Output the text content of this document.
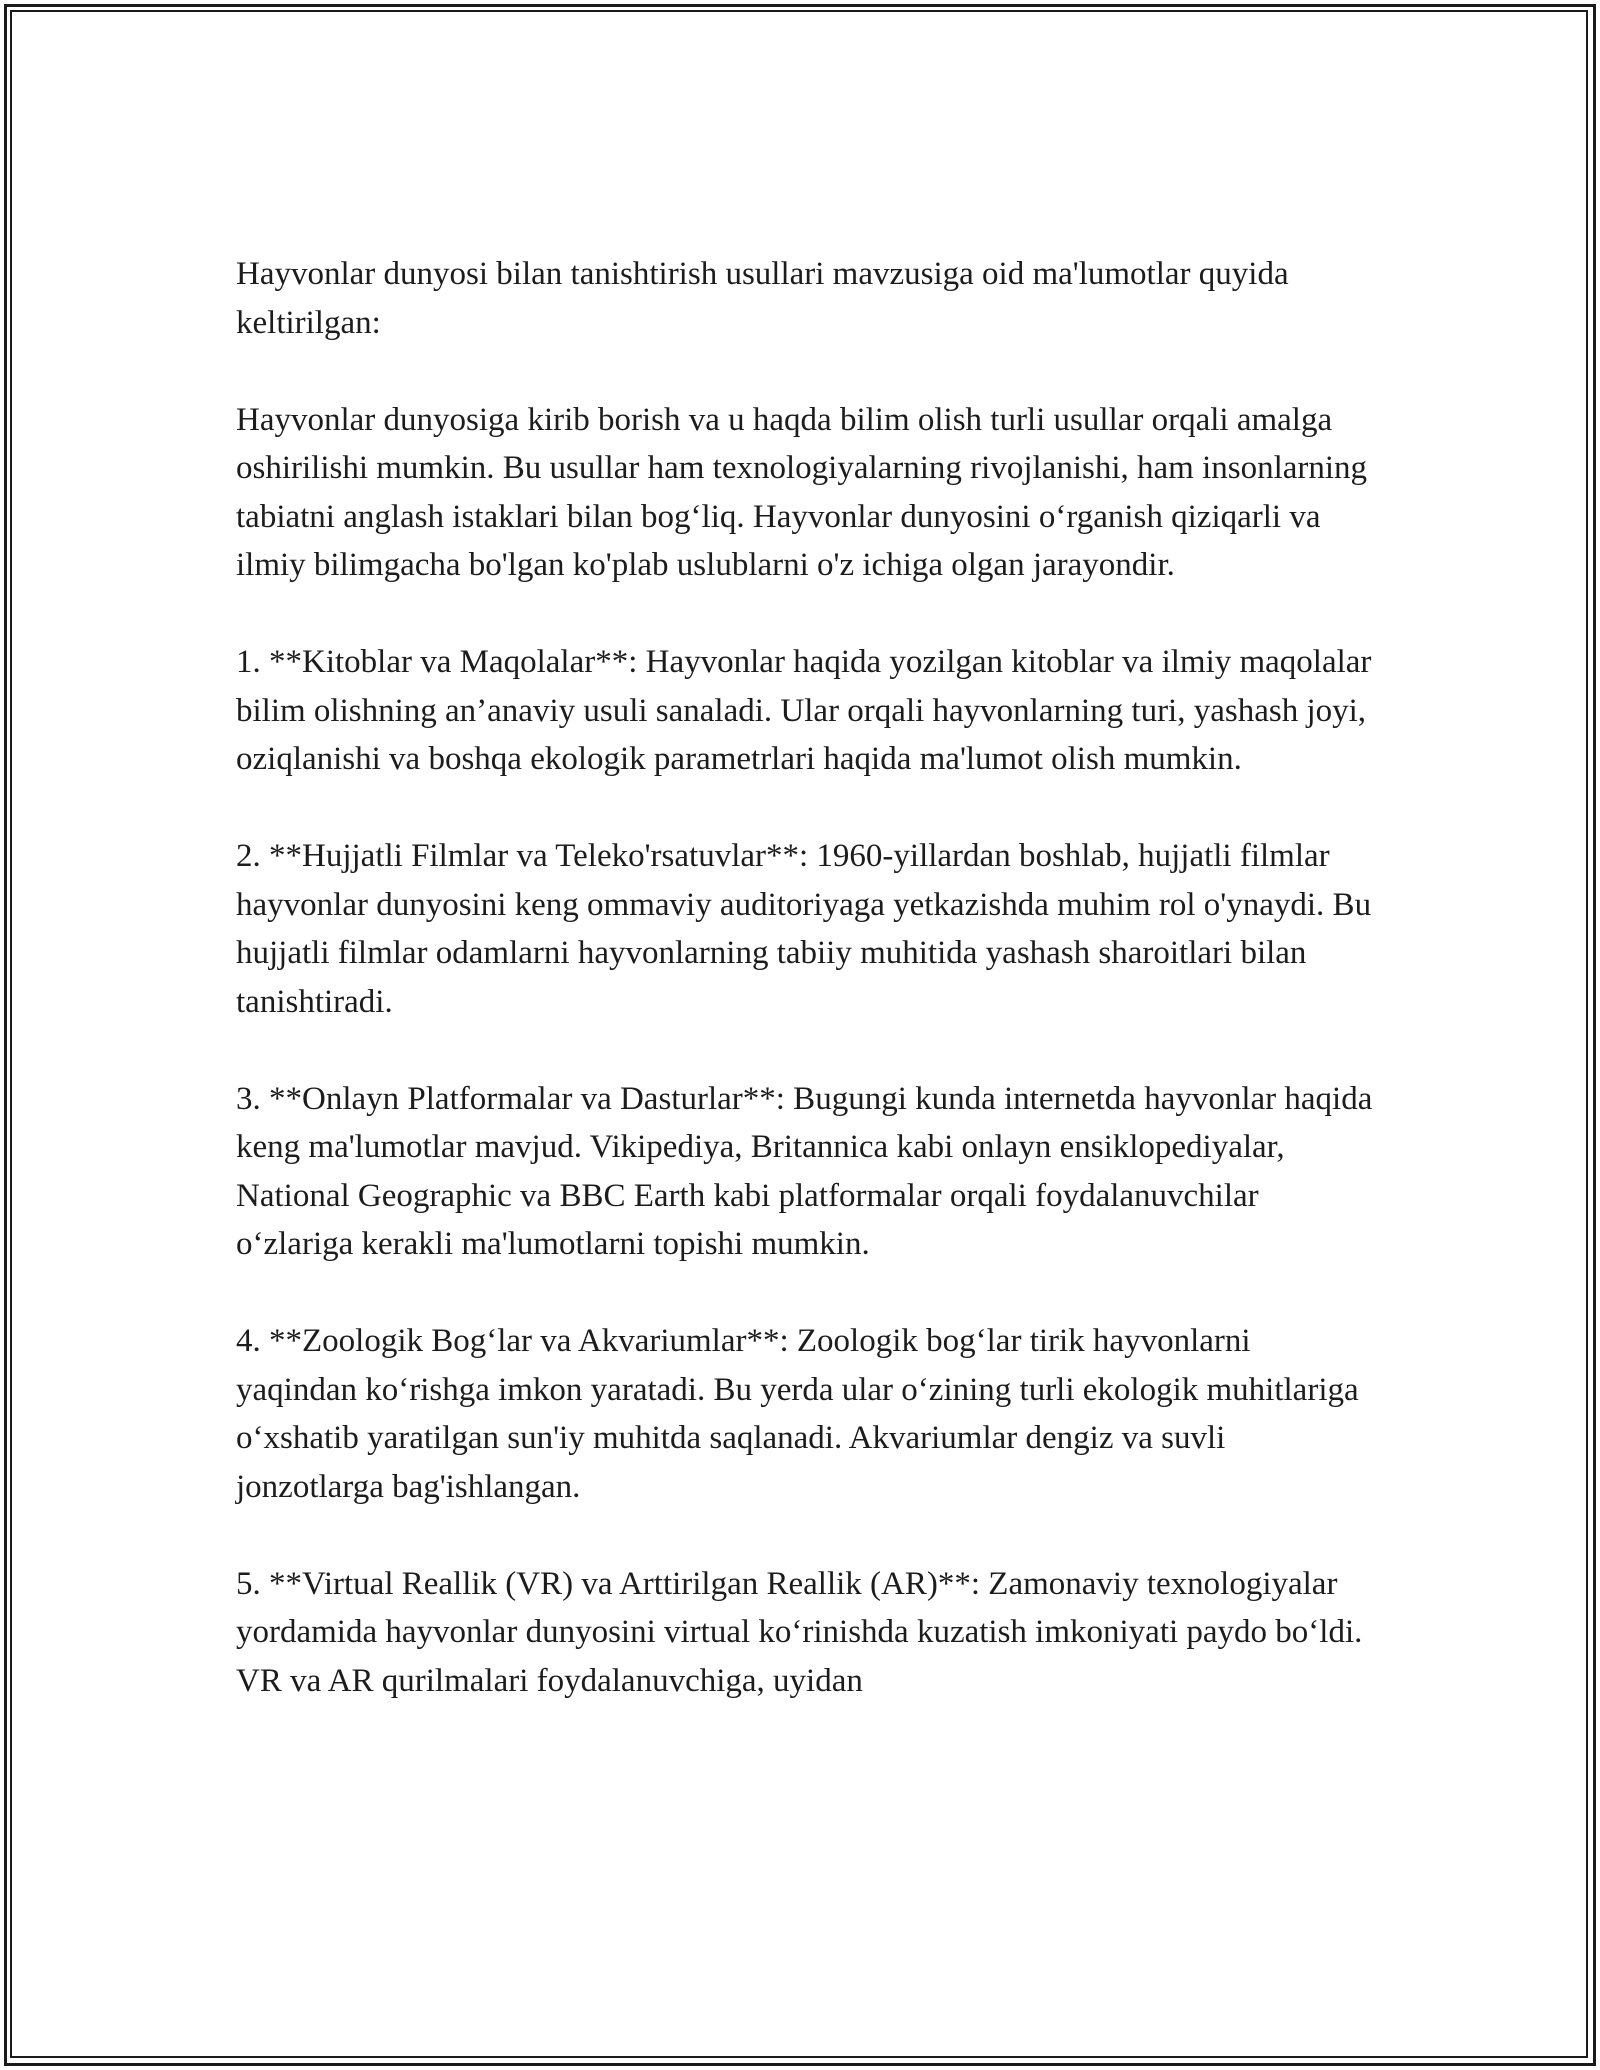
Hayvonlar dunyosi bilan tanishtirish usullari mavzusiga oid ma'lumotlar quyida keltirilgan:

Hayvonlar dunyosiga kirib borish va u haqda bilim olish turli usullar orqali amalga oshirilishi mumkin. Bu usullar ham texnologiyalarning rivojlanishi, ham insonlarning tabiatni anglash istaklari bilan bog‘liq. Hayvonlar dunyosini o‘rganish qiziqarli va ilmiy bilimgacha bo'lgan ko'plab uslublarni o'z ichiga olgan jarayondir.

1. **Kitoblar va Maqolalar**: Hayvonlar haqida yozilgan kitoblar va ilmiy maqolalar bilim olishning an’anaviy usuli sanaladi. Ular orqali hayvonlarning turi, yashash joyi, oziqlanishi va boshqa ekologik parametrlari haqida ma'lumot olish mumkin.

2. **Hujjatli Filmlar va Teleko'rsatuvlar**: 1960-yillardan boshlab, hujjatli filmlar hayvonlar dunyosini keng ommaviy auditoriyaga yetkazishda muhim rol o'ynaydi. Bu hujjatli filmlar odamlarni hayvonlarning tabiiy muhitida yashash sharoitlari bilan tanishtiradi.

3. **Onlayn Platformalar va Dasturlar**: Bugungi kunda internetda hayvonlar haqida keng ma'lumotlar mavjud. Vikipediya, Britannica kabi onlayn ensiklopediyalar, National Geographic va BBC Earth kabi platformalar orqali foydalanuvchilar o‘zlariga kerakli ma'lumotlarni topishi mumkin.

4. **Zoologik Bog‘lar va Akvariumlar**: Zoologik bog‘lar tirik hayvonlarni yaqindan ko‘rishga imkon yaratadi. Bu yerda ular o‘zining turli ekologik muhitlariga o‘xshatib yaratilgan sun'iy muhitda saqlanadi. Akvariumlar dengiz va suvli jonzotlarga bag'ishlangan.

5. **Virtual Reallik (VR) va Arttirilgan Reallik (AR)**: Zamonaviy texnologiyalar yordamida hayvonlar dunyosini virtual ko‘rinishda kuzatish imkoniyati paydo bo‘ldi. VR va AR qurilmalari foydalanuvchiga, uyidan
